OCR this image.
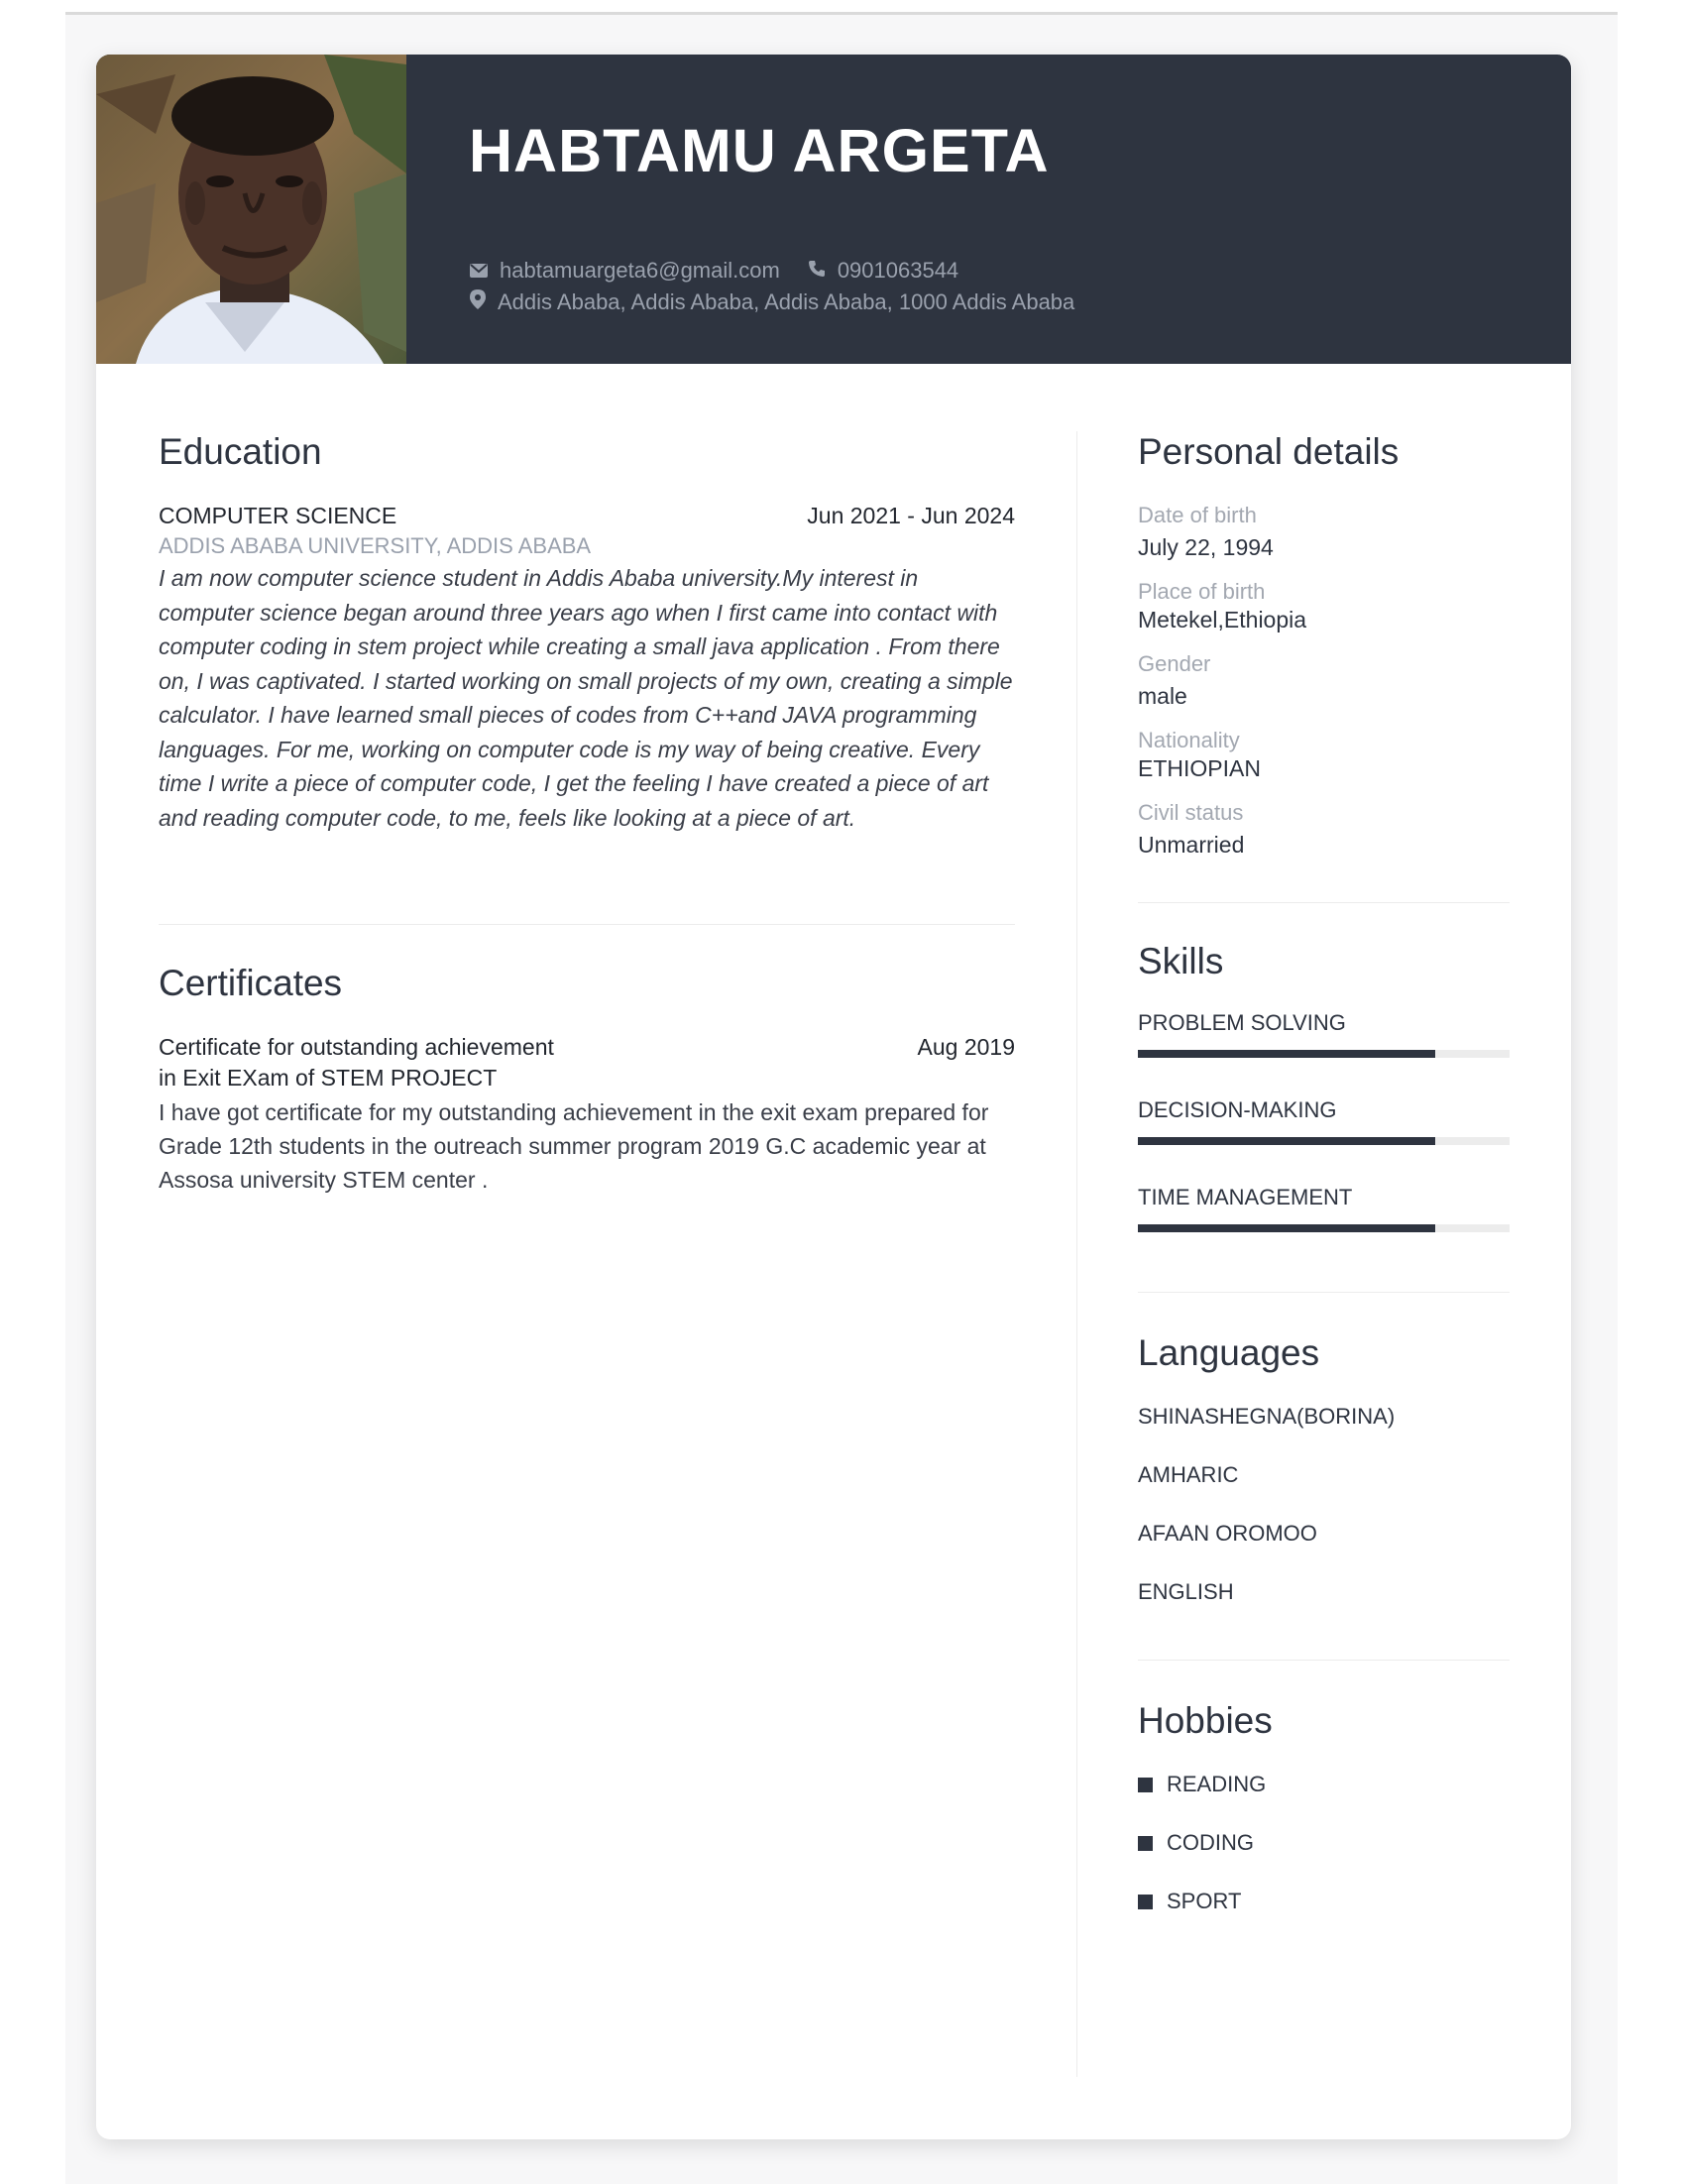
HABTAMU ARGETA
habtamuargeta6@gmail.com	0901063544
Addis Ababa, Addis Ababa, Addis Ababa, 1000 Addis Ababa
Education
COMPUTER SCIENCE	Jun 2021 - Jun 2024
ADDIS ABABA UNIVERSITY, ADDIS ABABA
I am now computer science student in Addis Ababa university.My interest in computer science began around three years ago when I first came into contact with computer coding in stem project while creating a small java application . From there on, I was captivated. I started working on small projects of my own, creating a simple calculator. I have learned small pieces of codes from C++and JAVA programming languages. For me, working on computer code is my way of being creative. Every time I write a piece of computer code, I get the feeling I have created a piece of art and reading computer code, to me, feels like looking at a piece of art.
Certificates
Certificate for outstanding achievement	Aug 2019
in Exit EXam of STEM PROJECT
I have got certificate for my outstanding achievement in the exit exam prepared for Grade 12th students in the outreach summer program 2019 G.C academic year at Assosa university STEM center .
Personal details
Date of birth
July 22, 1994
Place of birth
Metekel,Ethiopia
Gender
male
Nationality
ETHIOPIAN
Civil status
Unmarried
Skills
PROBLEM SOLVING
DECISION-MAKING
TIME MANAGEMENT
Languages
SHINASHEGNA(BORINA)
AMHARIC
AFAAN OROMOO
ENGLISH
Hobbies
READING
CODING
SPORT
